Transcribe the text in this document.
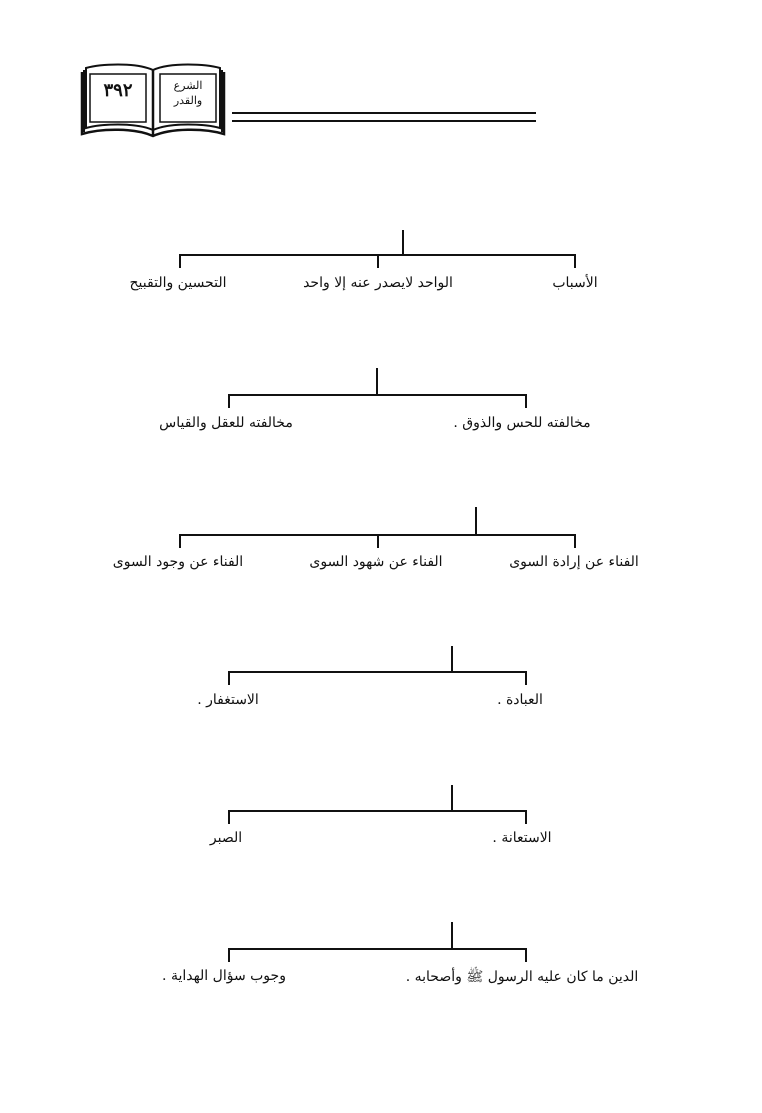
٣٩٢	الشرع
والقدر
الأسباب
الواحد لايصدر عنه إلا واحد
التحسين والتقبيح
مخالفته للحس والذوق .
مخالفته للعقل والقياس
الفناء عن إرادة السوى
الفناء عن شهود السوى
الفناء عن وجود السوى
العبادة .
الاستغفار .
الاستعانة .
الصبر
الدين ما كان عليه الرسول ﷺ وأصحابه .
وجوب سؤال الهداية .
